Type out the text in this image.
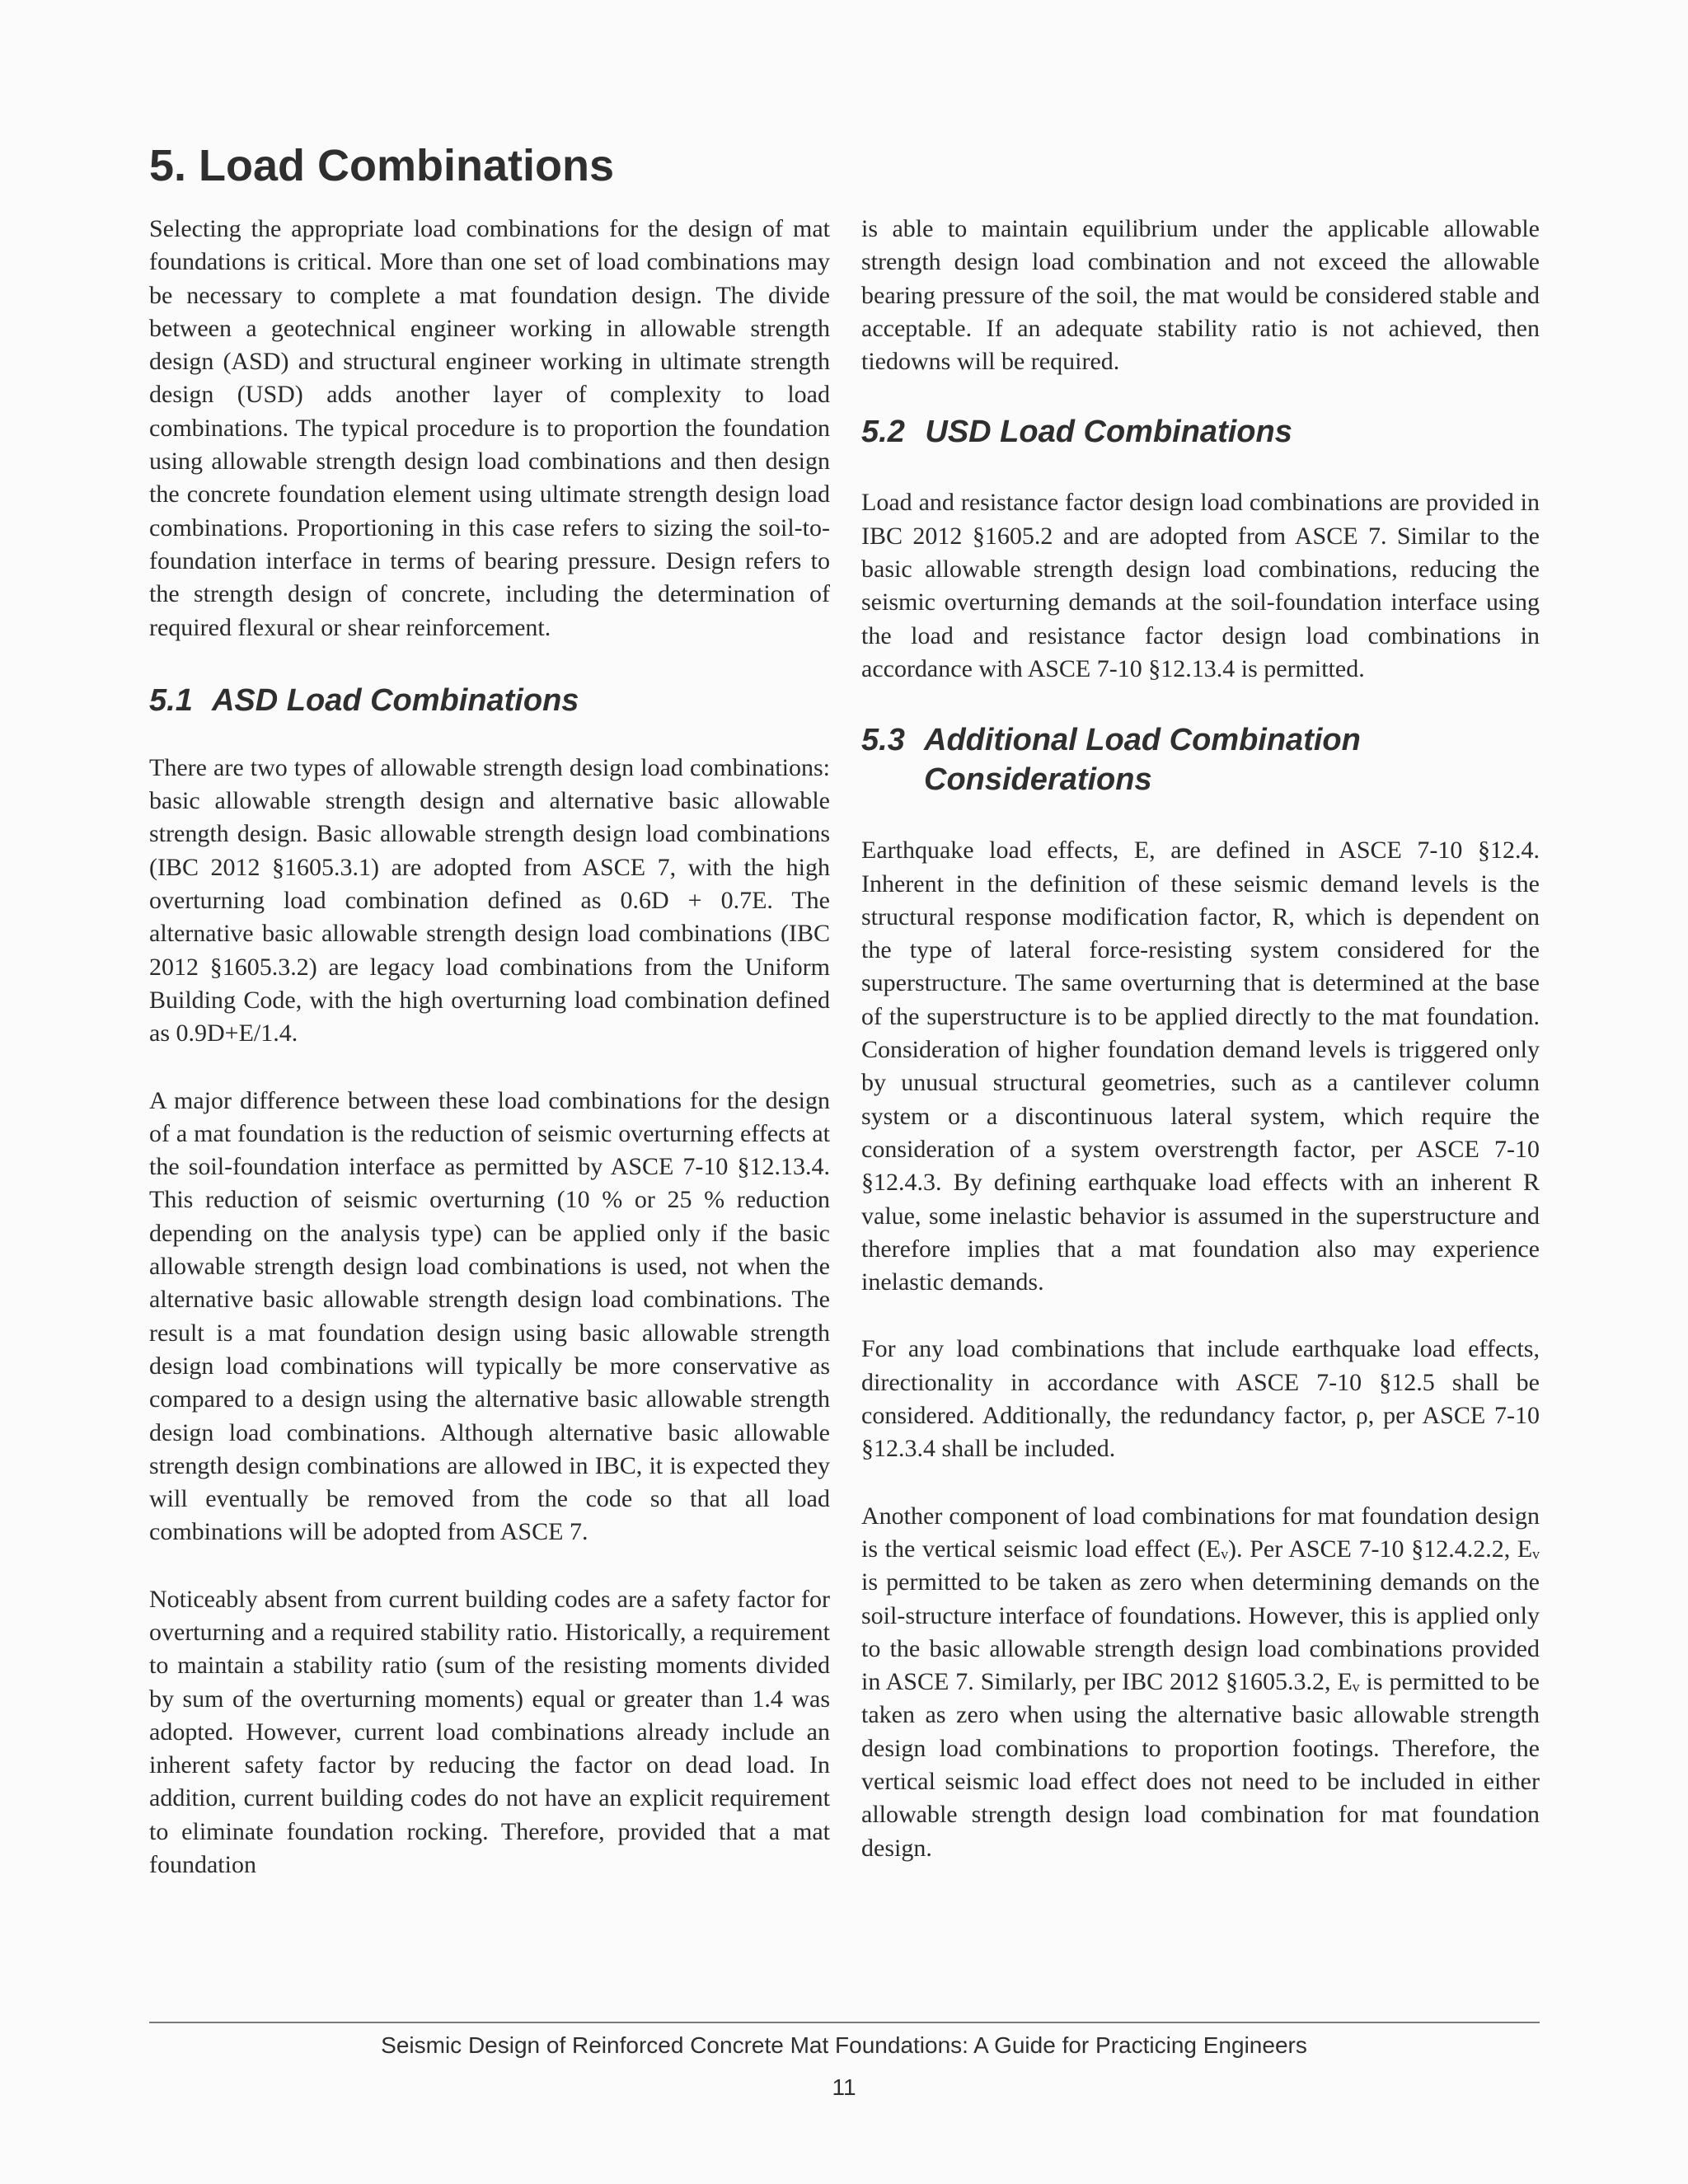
5. Load Combinations

Selecting the appropriate load combinations for the design of mat foundations is critical. More than one set of load combinations may be necessary to complete a mat foundation design. The divide between a geotechnical engineer working in allowable strength design (ASD) and structural engineer working in ultimate strength design (USD) adds another layer of complexity to load combinations. The typical procedure is to proportion the foundation using allowable strength design load combinations and then design the concrete foundation element using ultimate strength design load combinations. Proportioning in this case refers to sizing the soil-to-foundation interface in terms of bearing pressure. Design refers to the strength design of concrete, including the determination of required flexural or shear reinforcement.

5.1 ASD Load Combinations

There are two types of allowable strength design load combinations: basic allowable strength design and alternative basic allowable strength design. Basic allowable strength design load combinations (IBC 2012 §1605.3.1) are adopted from ASCE 7, with the high overturning load combination defined as 0.6D + 0.7E. The alternative basic allowable strength design load combinations (IBC 2012 §1605.3.2) are legacy load combinations from the Uniform Building Code, with the high overturning load combination defined as 0.9D+E/1.4.

A major difference between these load combinations for the design of a mat foundation is the reduction of seismic overturning effects at the soil-foundation interface as permitted by ASCE 7-10 §12.13.4. This reduction of seismic overturning (10 % or 25 % reduction depending on the analysis type) can be applied only if the basic allowable strength design load combinations is used, not when the alternative basic allowable strength design load combinations. The result is a mat foundation design using basic allowable strength design load combinations will typically be more conservative as compared to a design using the alternative basic allowable strength design load combinations. Although alternative basic allowable strength design combinations are allowed in IBC, it is expected they will eventually be removed from the code so that all load combinations will be adopted from ASCE 7.

Noticeably absent from current building codes are a safety factor for overturning and a required stability ratio. Historically, a requirement to maintain a stability ratio (sum of the resisting moments divided by sum of the overturning moments) equal or greater than 1.4 was adopted. However, current load combinations already include an inherent safety factor by reducing the factor on dead load. In addition, current building codes do not have an explicit requirement to eliminate foundation rocking. Therefore, provided that a mat foundation

is able to maintain equilibrium under the applicable allowable strength design load combination and not exceed the allowable bearing pressure of the soil, the mat would be considered stable and acceptable. If an adequate stability ratio is not achieved, then tiedowns will be required.

5.2 USD Load Combinations

Load and resistance factor design load combinations are provided in IBC 2012 §1605.2 and are adopted from ASCE 7. Similar to the basic allowable strength design load combinations, reducing the seismic overturning demands at the soil-foundation interface using the load and resistance factor design load combinations in accordance with ASCE 7-10 §12.13.4 is permitted.

5.3 Additional Load Combination
Considerations

Earthquake load effects, E, are defined in ASCE 7-10 §12.4. Inherent in the definition of these seismic demand levels is the structural response modification factor, R, which is dependent on the type of lateral force-resisting system considered for the superstructure. The same overturning that is determined at the base of the superstructure is to be applied directly to the mat foundation. Consideration of higher foundation demand levels is triggered only by unusual structural geometries, such as a cantilever column system or a discontinuous lateral system, which require the consideration of a system overstrength factor, per ASCE 7-10 §12.4.3. By defining earthquake load effects with an inherent R value, some inelastic behavior is assumed in the superstructure and therefore implies that a mat foundation also may experience inelastic demands.

For any load combinations that include earthquake load effects, directionality in accordance with ASCE 7-10 §12.5 shall be considered. Additionally, the redundancy factor, ρ, per ASCE 7-10 §12.3.4 shall be included.

Another component of load combinations for mat foundation design is the vertical seismic load effect (Eᵥ). Per ASCE 7-10 §12.4.2.2, Eᵥ is permitted to be taken as zero when determining demands on the soil-structure interface of foundations. However, this is applied only to the basic allowable strength design load combinations provided in ASCE 7. Similarly, per IBC 2012 §1605.3.2, Eᵥ is permitted to be taken as zero when using the alternative basic allowable strength design load combinations to proportion footings. Therefore, the vertical seismic load effect does not need to be included in either allowable strength design load combination for mat foundation design.

Seismic Design of Reinforced Concrete Mat Foundations: A Guide for Practicing Engineers
11
